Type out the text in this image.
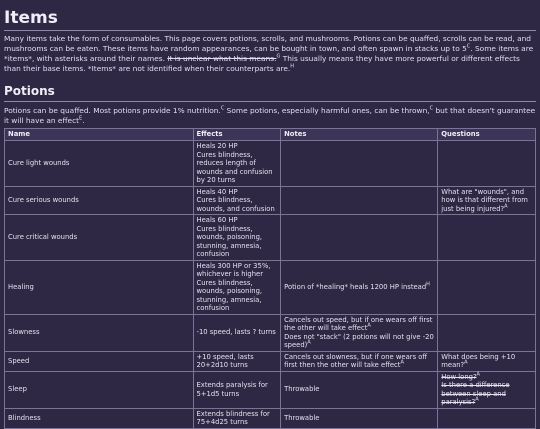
Items

Many items take the form of consumables. This page covers potions, scrolls, and mushrooms. Potions can be quaffed, scrolls can be read, and mushrooms can be eaten. These items have random appearances, can be bought in town, and often spawn in stacks up to $5^C$. Some items are *items*, with asterisks around their names. It is unclear what this means.$^G$ This usually means they have more powerful or different effects than their base items. *Items* are not identified when their counterparts are.$^H$

Potions

Potions can be quaffed. Most potions provide 1% nutrition.$^C$ Some potions, especially harmful ones, can be thrown,$^C$ but that doesn't guarantee it will have an effect$^E$.

Name	Effects	Notes	Questions
Cure light wounds	Heals 20 HP
Cures blindness, reduces length of wounds and confusion by 20 turns		
Cure serious wounds	Heals 40 HP
Cures blindness, wounds, and confusion		What are "wounds", and how is that different from just being injured?$^A$
Cure critical wounds	Heals 60 HP
Cures blindness, wounds, poisoning, stunning, amnesia, confusion		
Healing	Heals 300 HP or 35%, whichever is higher
Cures blindness, wounds, poisoning, stunning, amnesia, confusion	Potion of *healing* heals 1200 HP instead$^H$	
Slowness	-10 speed, lasts ? turns	Cancels out speed, but if one wears off first the other will take effect$^A$
Does not "stack" (2 potions will not give -20 speed)$^A$	
Speed	+10 speed, lasts 20+2d10 turns	Cancels out slowness, but if one wears off first then the other will take effect$^A$	What does being +10 mean?$^A$
Sleep	Extends paralysis for 5+1d5 turns	Throwable	How long?$^A$
Is there a difference between sleep and paralysis?$^A$
Blindness	Extends blindness for 75+4d25 turns	Throwable	
